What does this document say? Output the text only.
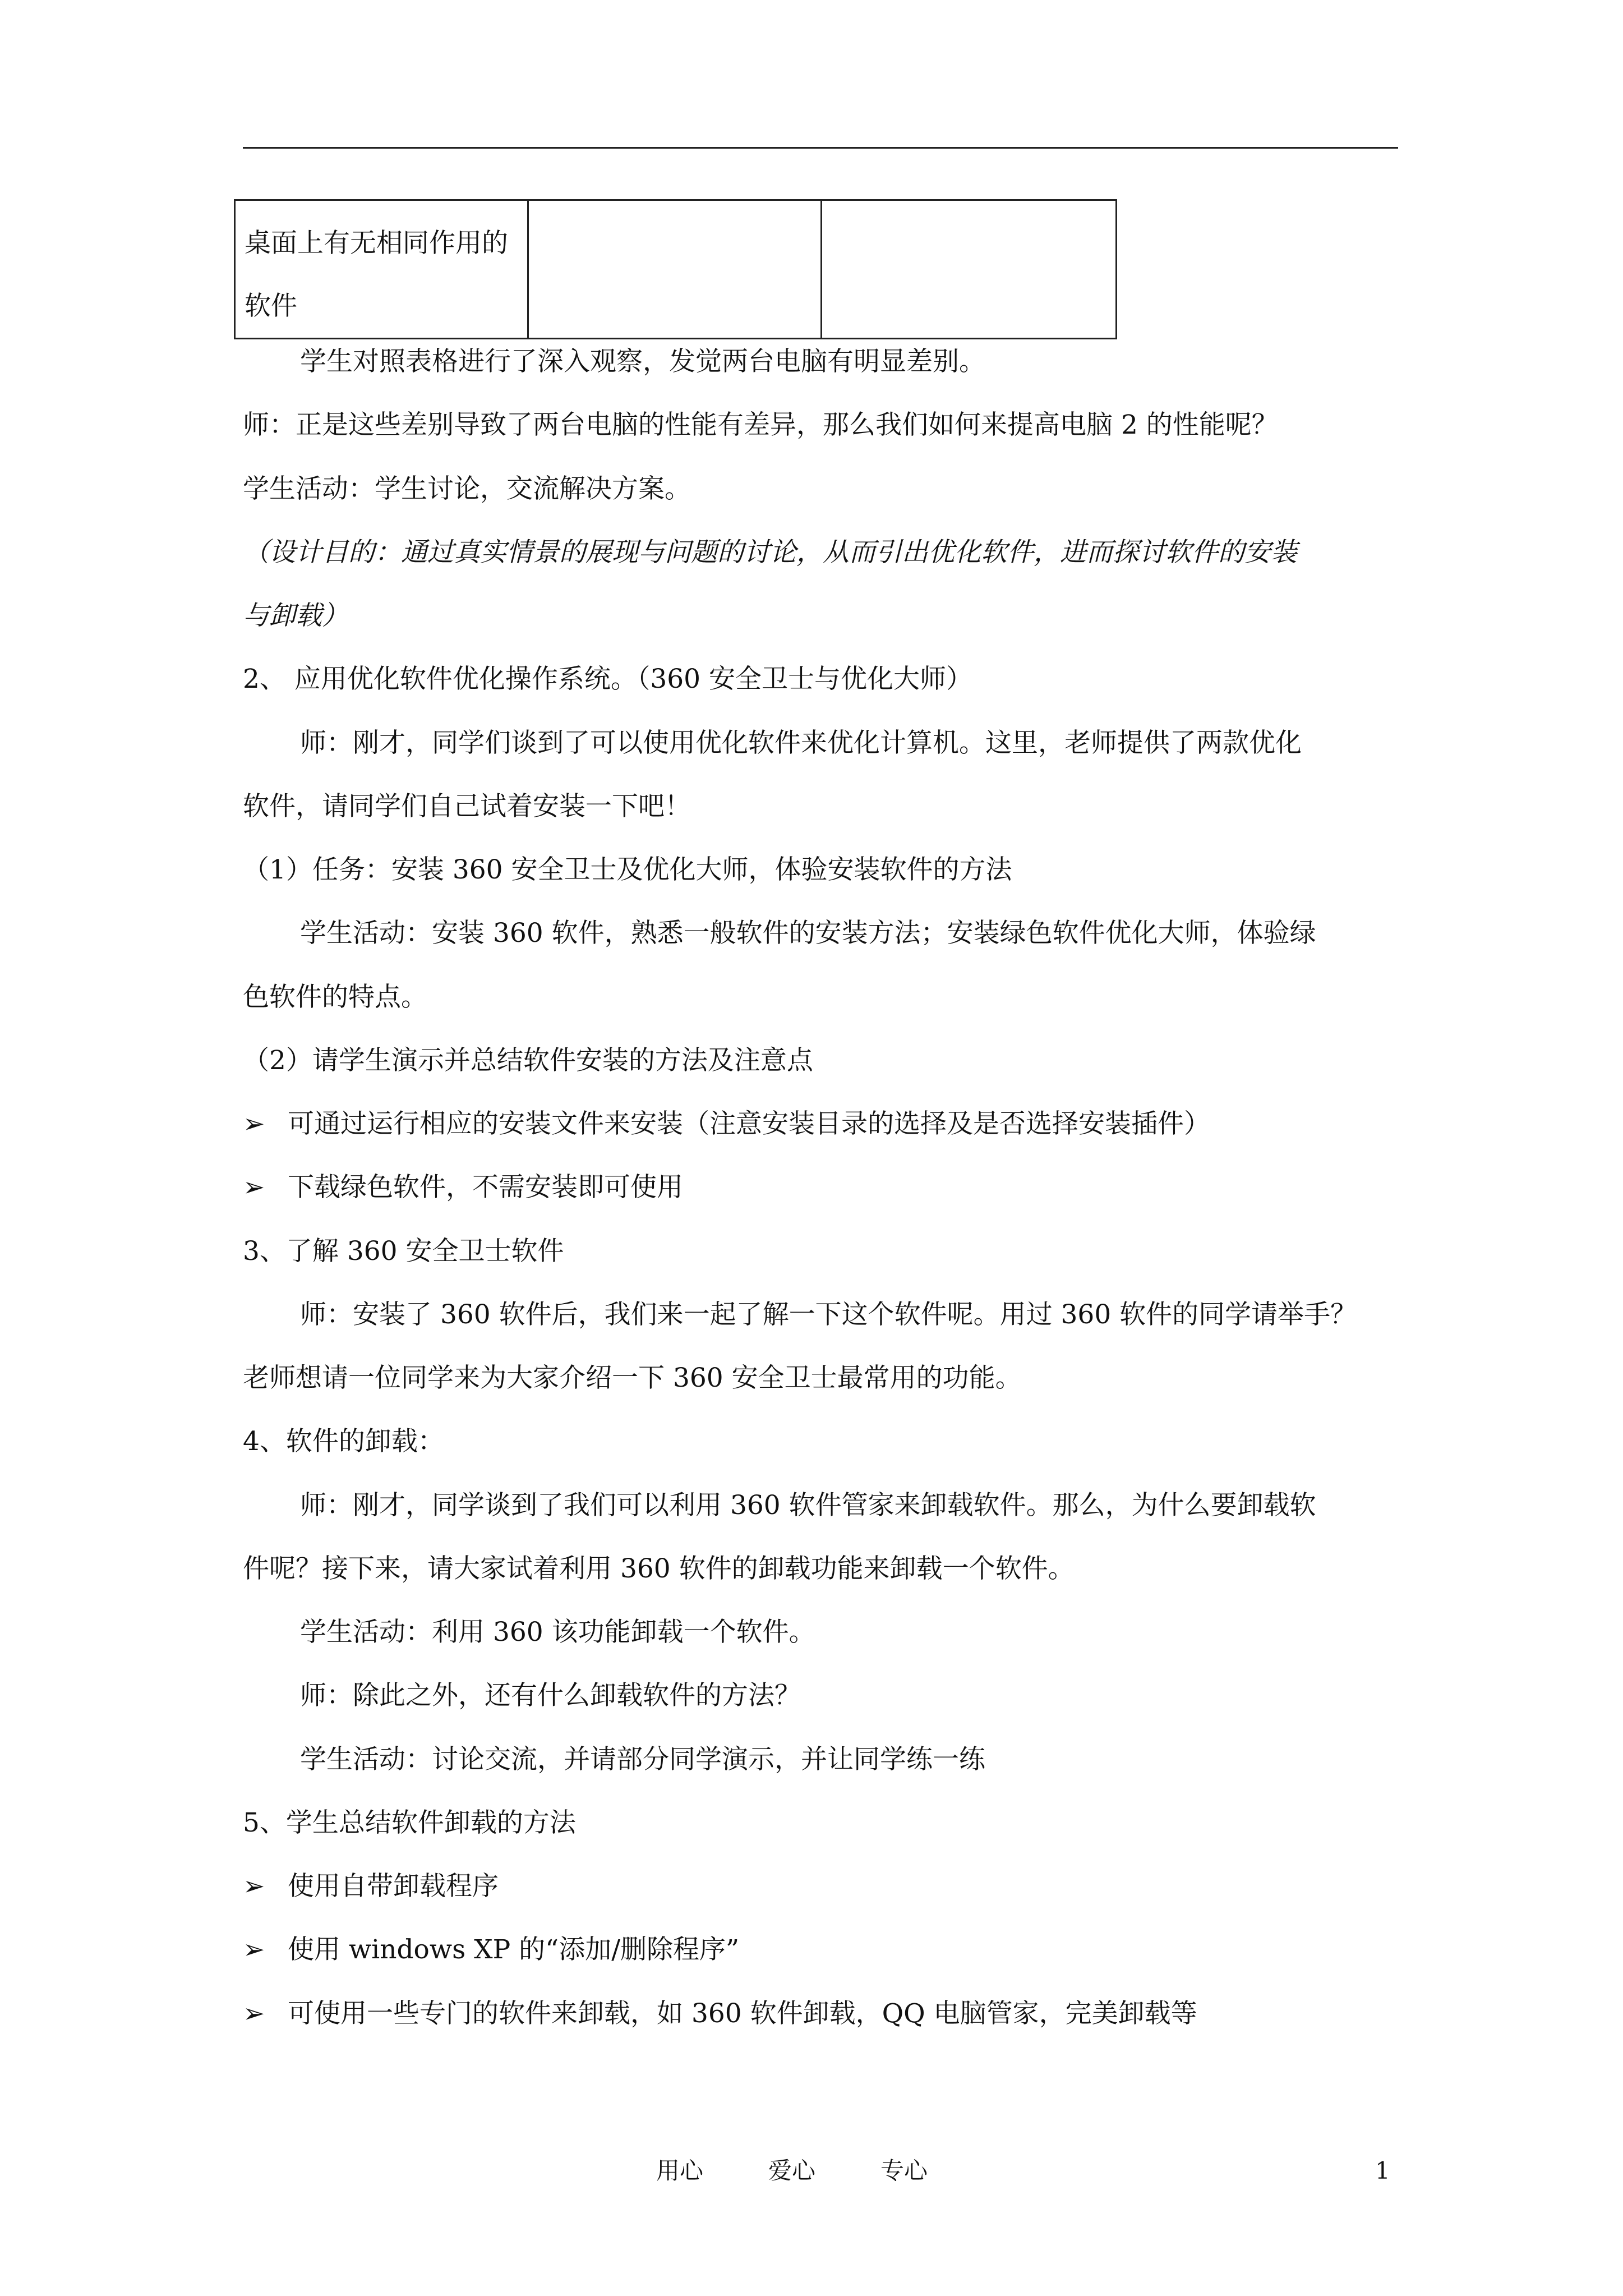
桌面上有无相同作用的软件		
学生对照表格进行了深入观察，发觉两台电脑有明显差别。
师：正是这些差别导致了两台电脑的性能有差异，那么我们如何来提高电脑 2 的性能呢？
学生活动：学生讨论，交流解决方案。
（设计目的：通过真实情景的展现与问题的讨论，从而引出优化软件，进而探讨软件的安装
与卸载）
2、 应用优化软件优化操作系统。（360 安全卫士与优化大师）
师：刚才，同学们谈到了可以使用优化软件来优化计算机。这里，老师提供了两款优化
软件，请同学们自己试着安装一下吧！
（1）任务：安装 360 安全卫士及优化大师，体验安装软件的方法
学生活动：安装 360 软件，熟悉一般软件的安装方法；安装绿色软件优化大师，体验绿
色软件的特点。
（2）请学生演示并总结软件安装的方法及注意点
➢ 可通过运行相应的安装文件来安装（注意安装目录的选择及是否选择安装插件）
➢ 下载绿色软件，不需安装即可使用
3、了解 360 安全卫士软件
师：安装了 360 软件后，我们来一起了解一下这个软件呢。用过 360 软件的同学请举手？
老师想请一位同学来为大家介绍一下 360 安全卫士最常用的功能。
4、软件的卸载：
师：刚才，同学谈到了我们可以利用 360 软件管家来卸载软件。那么，为什么要卸载软
件呢？接下来，请大家试着利用 360 软件的卸载功能来卸载一个软件。
学生活动：利用 360 该功能卸载一个软件。
师：除此之外，还有什么卸载软件的方法？
学生活动：讨论交流，并请部分同学演示，并让同学练一练
5、学生总结软件卸载的方法
➢ 使用自带卸载程序
➢ 使用 windows XP 的“添加/删除程序”
➢ 可使用一些专门的软件来卸载，如 360 软件卸载，QQ 电脑管家，完美卸载等
用心	爱心	专心	1
